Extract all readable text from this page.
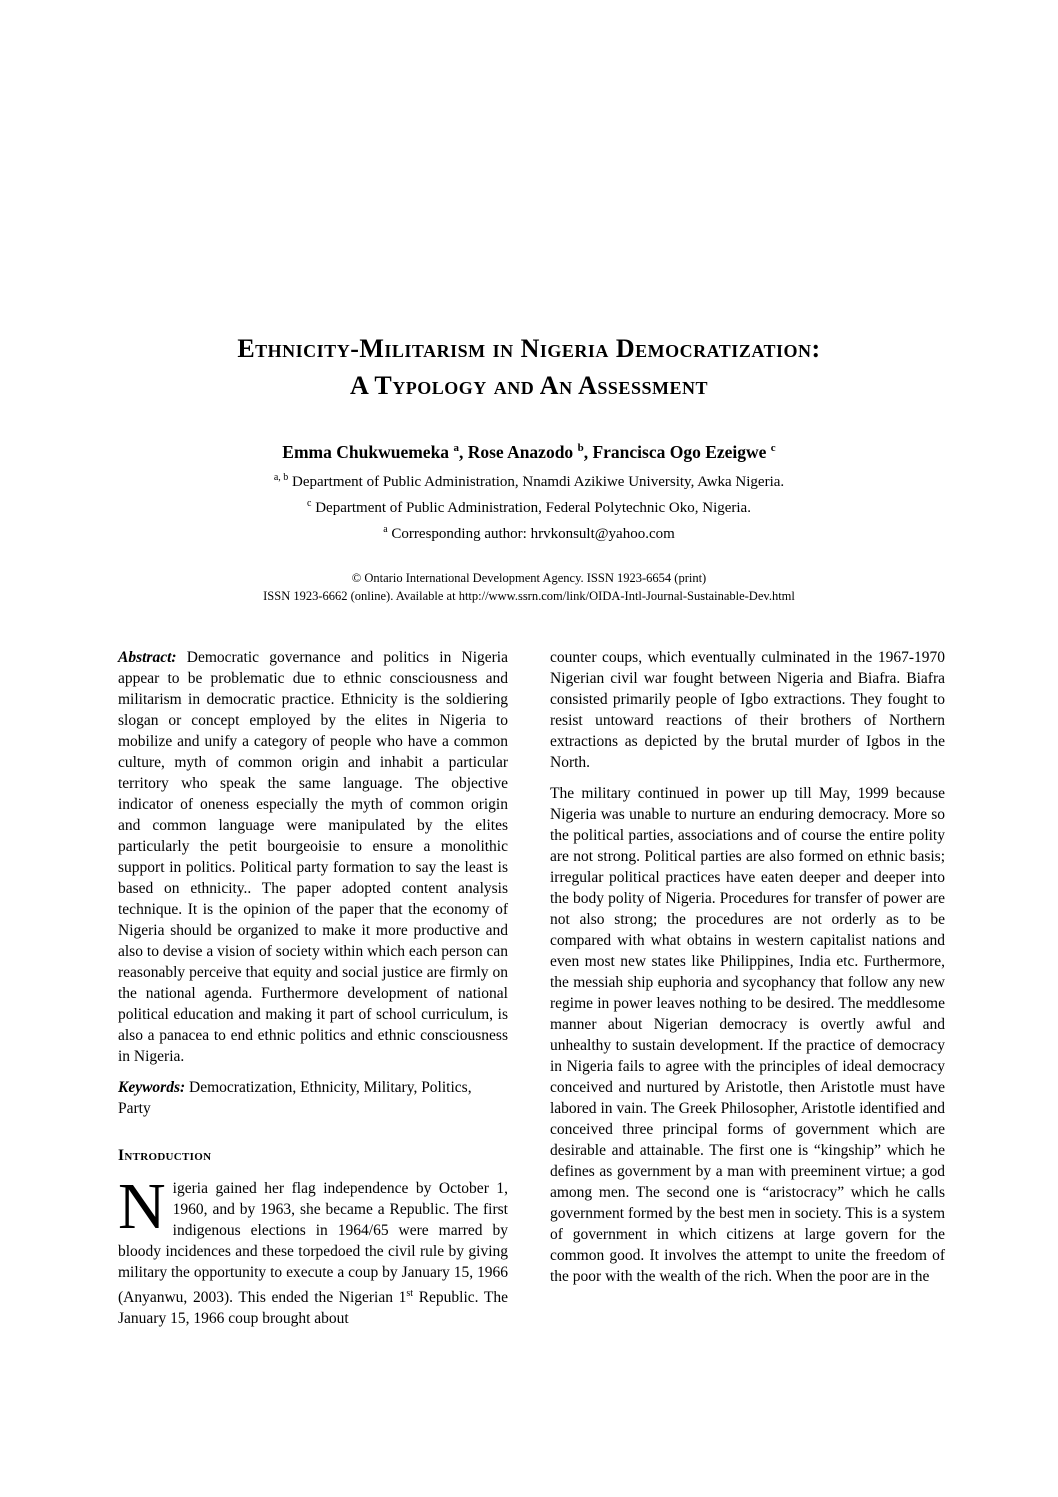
Ethnicity-Militarism in Nigeria Democratization:
A Typology and An Assessment

Emma Chukwuemeka $^a$, Rose Anazodo $^b$, Francisca Ogo Ezeigwe $^c$

$^{a, b}$ Department of Public Administration, Nnamdi Azikiwe University, Awka Nigeria.

$^c$ Department of Public Administration, Federal Polytechnic Oko, Nigeria.

$^a$ Corresponding author: hrvkonsult@yahoo.com

© Ontario International Development Agency. ISSN 1923-6654 (print)

ISSN 1923-6662 (online). Available at http://www.ssrn.com/link/OIDA-Intl-Journal-Sustainable-Dev.html

Abstract: Democratic governance and politics in Nigeria appear to be problematic due to ethnic consciousness and militarism in democratic practice. Ethnicity is the soldiering slogan or concept employed by the elites in Nigeria to mobilize and unify a category of people who have a common culture, myth of common origin and inhabit a particular territory who speak the same language. The objective indicator of oneness especially the myth of common origin and common language were manipulated by the elites particularly the petit bourgeoisie to ensure a monolithic support in politics. Political party formation to say the least is based on ethnicity.. The paper adopted content analysis technique. It is the opinion of the paper that the economy of Nigeria should be organized to make it more productive and also to devise a vision of society within which each person can reasonably perceive that equity and social justice are firmly on the national agenda. Furthermore development of national political education and making it part of school curriculum, is also a panacea to end ethnic politics and ethnic consciousness in Nigeria.

Keywords: Democratization, Ethnicity, Military, Politics, Party

Introduction

Nigeria gained her flag independence by October 1, 1960, and by 1963, she became a Republic. The first indigenous elections in 1964/65 were marred by bloody incidences and these torpedoed the civil rule by giving military the opportunity to execute a coup by January 15, 1966 (Anyanwu, 2003). This ended the Nigerian 1st Republic. The January 15, 1966 coup brought about

counter coups, which eventually culminated in the 1967-1970 Nigerian civil war fought between Nigeria and Biafra. Biafra consisted primarily people of Igbo extractions. They fought to resist untoward reactions of their brothers of Northern extractions as depicted by the brutal murder of Igbos in the North.

The military continued in power up till May, 1999 because Nigeria was unable to nurture an enduring democracy. More so the political parties, associations and of course the entire polity are not strong. Political parties are also formed on ethnic basis; irregular political practices have eaten deeper and deeper into the body polity of Nigeria. Procedures for transfer of power are not also strong; the procedures are not orderly as to be compared with what obtains in western capitalist nations and even most new states like Philippines, India etc. Furthermore, the messiah ship euphoria and sycophancy that follow any new regime in power leaves nothing to be desired. The meddlesome manner about Nigerian democracy is overtly awful and unhealthy to sustain development. If the practice of democracy in Nigeria fails to agree with the principles of ideal democracy conceived and nurtured by Aristotle, then Aristotle must have labored in vain. The Greek Philosopher, Aristotle identified and conceived three principal forms of government which are desirable and attainable. The first one is “kingship” which he defines as government by a man with preeminent virtue; a god among men. The second one is “aristocracy” which he calls government formed by the best men in society. This is a system of government in which citizens at large govern for the common good. It involves the attempt to unite the freedom of the poor with the wealth of the rich. When the poor are in the
